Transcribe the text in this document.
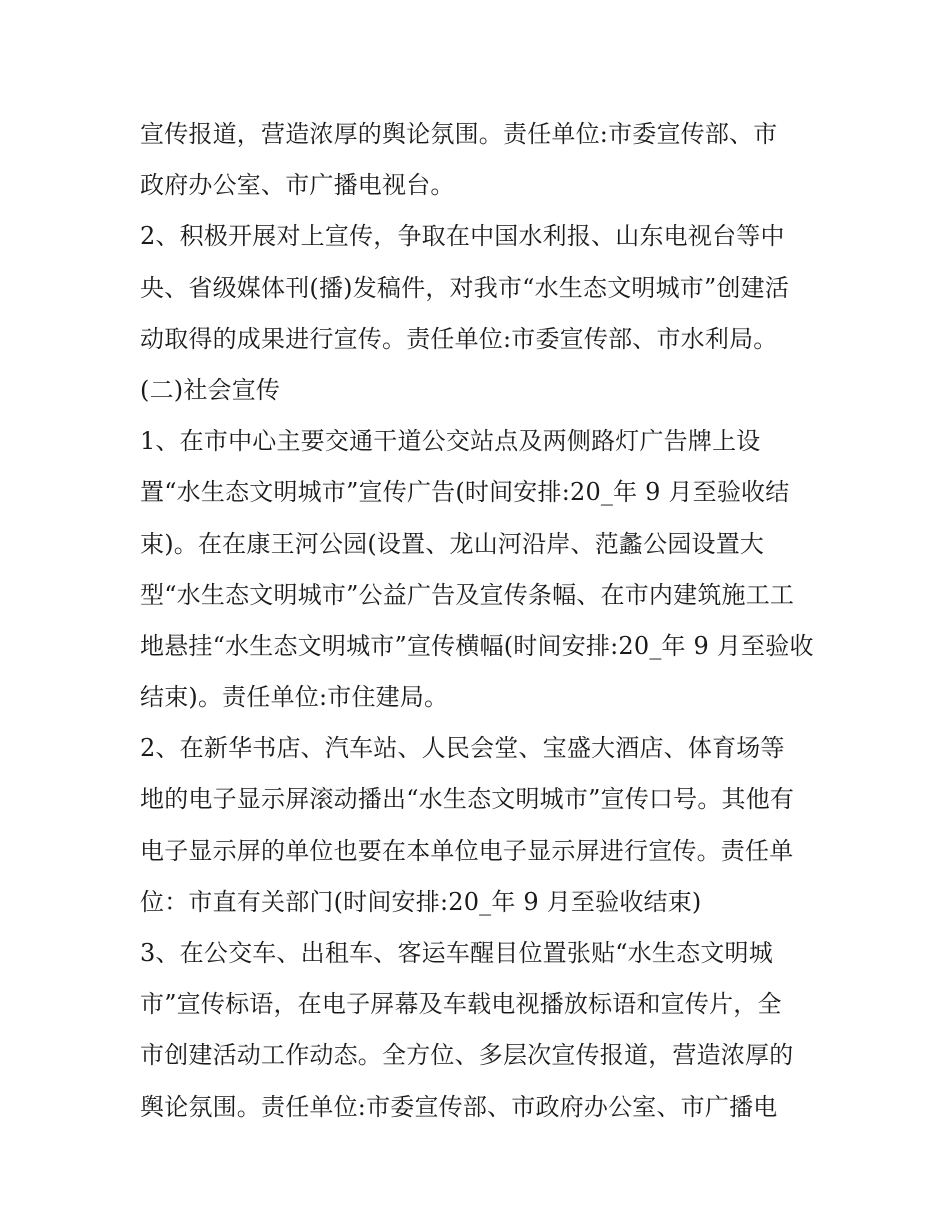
宣传报道，营造浓厚的舆论氛围。责任单位:市委宣传部、市
政府办公室、市广播电视台。
2、积极开展对上宣传，争取在中国水利报、山东电视台等中
央、省级媒体刊(播)发稿件，对我市“水生态文明城市”创建活
动取得的成果进行宣传。责任单位:市委宣传部、市水利局。
(二)社会宣传
1、在市中心主要交通干道公交站点及两侧路灯广告牌上设
置“水生态文明城市”宣传广告(时间安排:20_年 9 月至验收结
束)。在在康王河公园(设置、龙山河沿岸、范蠡公园设置大
型“水生态文明城市”公益广告及宣传条幅、在市内建筑施工工
地悬挂“水生态文明城市”宣传横幅(时间安排:20_年 9 月至验收
结束)。责任单位:市住建局。
2、在新华书店、汽车站、人民会堂、宝盛大酒店、体育场等
地的电子显示屏滚动播出“水生态文明城市”宣传口号。其他有
电子显示屏的单位也要在本单位电子显示屏进行宣传。责任单
位：市直有关部门(时间安排:20_年 9 月至验收结束)
3、在公交车、出租车、客运车醒目位置张贴“水生态文明城
市”宣传标语，在电子屏幕及车载电视播放标语和宣传片，全
市创建活动工作动态。全方位、多层次宣传报道，营造浓厚的
舆论氛围。责任单位:市委宣传部、市政府办公室、市广播电
